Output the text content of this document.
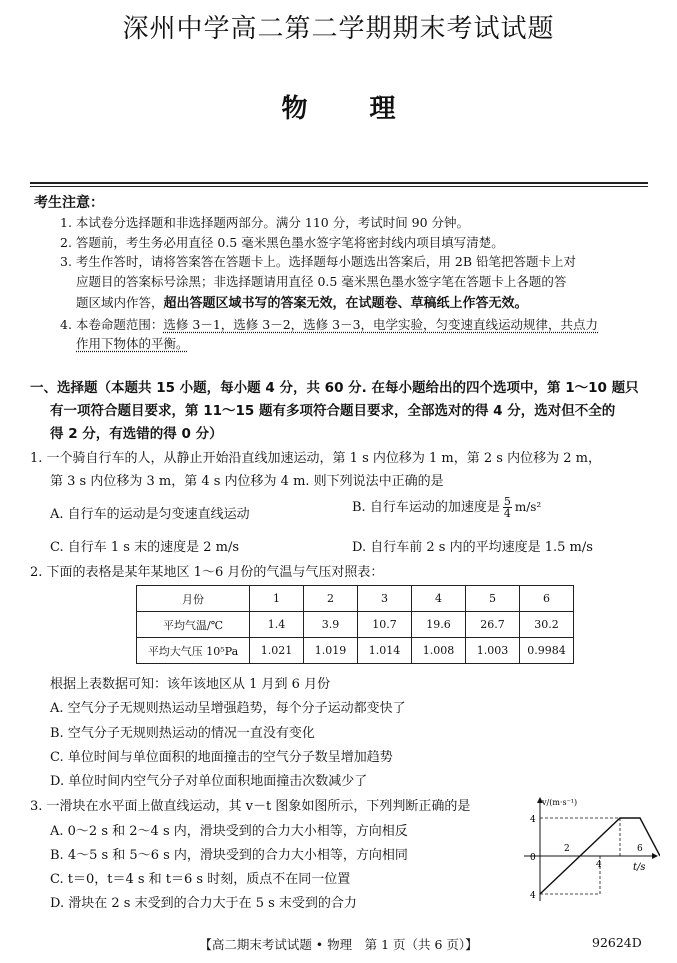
深州中学高二第二学期期末考试试题
物 理
考生注意：
1. 本试卷分选择题和非选择题两部分。满分 110 分，考试时间 90 分钟。
2. 答题前，考生务必用直径 0.5 毫米黑色墨水签字笔将密封线内项目填写清楚。
3. 考生作答时，请将答案答在答题卡上。选择题每小题选出答案后，用 2B 铅笔把答题卡上对
应题目的答案标号涂黑；非选择题请用直径 0.5 毫米黑色墨水签字笔在答题卡上各题的答
题区域内作答，超出答题区域书写的答案无效，在试题卷、草稿纸上作答无效。
4. 本卷命题范围：选修 3－1，选修 3－2，选修 3－3，电学实验，匀变速直线运动规律，共点力
作用下物体的平衡。
一、选择题（本题共 15 小题，每小题 4 分，共 60 分. 在每小题给出的四个选项中，第 1～10 题只
有一项符合题目要求，第 11～15 题有多项符合题目要求，全部选对的得 4 分，选对但不全的
得 2 分，有选错的得 0 分）
1. 一个骑自行车的人，从静止开始沿直线加速运动，第 1 s 内位移为 1 m，第 2 s 内位移为 2 m，
第 3 s 内位移为 3 m，第 4 s 内位移为 4 m. 则下列说法中正确的是
A. 自行车的运动是匀变速直线运动	B. 自行车运动的加速度是 $\frac{5}{4} m/s^2$
C. 自行车 1 s 末的速度是 2 m/s	D. 自行车前 2 s 内的平均速度是 1.5 m/s
2. 下面的表格是某年某地区 1～6 月份的气温与气压对照表：
月份	1	2	3	4	5	6
平均气温/℃	1.4	3.9	10.7	19.6	26.7	30.2
平均大气压 10⁵Pa	1.021	1.019	1.014	1.008	1.003	0.9984
根据上表数据可知：该年该地区从 1 月到 6 月份
A. 空气分子无规则热运动呈增强趋势，每个分子运动都变快了
B. 空气分子无规则热运动的情况一直没有变化
C. 单位时间与单位面积的地面撞击的空气分子数呈增加趋势
D. 单位时间内空气分子对单位面积地面撞击次数减少了
3. 一滑块在水平面上做直线运动，其 v－t 图象如图所示，下列判断正确的是
A. 0～2 s 和 2～4 s 内，滑块受到的合力大小相等，方向相反
B. 4～5 s 和 5～6 s 内，滑块受到的合力大小相等，方向相同
C. t＝0，t＝4 s 和 t＝6 s 时刻，质点不在同一位置
D. 滑块在 2 s 末受到的合力大于在 5 s 末受到的合力
v/(m·s⁻¹)
t/s
4
4
0
2
4
6
【高二期末考试试题 • 物理　第 1 页（共 6 页）】	92624D
